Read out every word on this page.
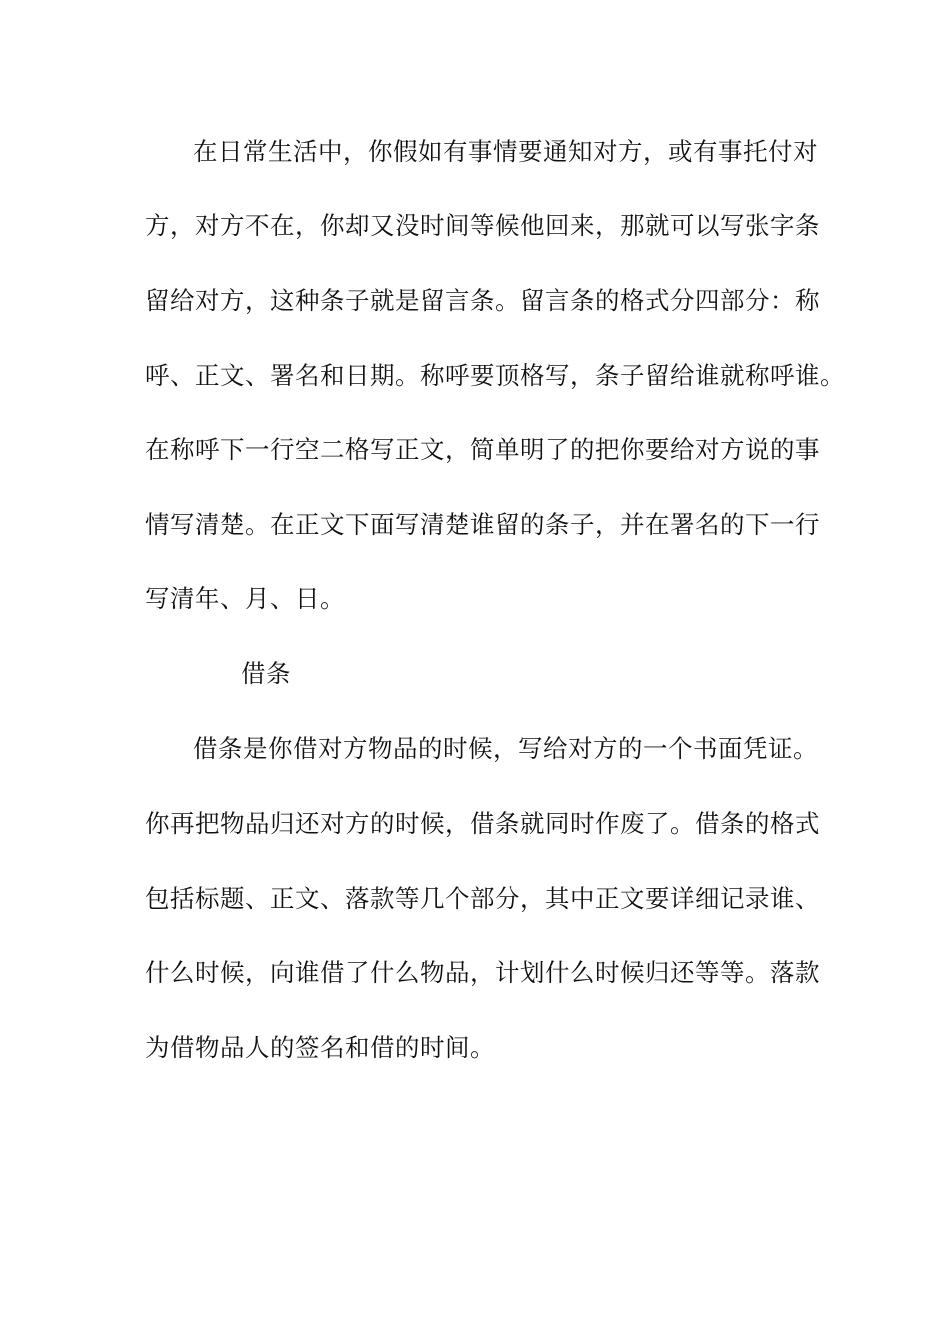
在日常生活中，你假如有事情要通知对方，或有事托付对
方，对方不在，你却又没时间等候他回来，那就可以写张字条
留给对方，这种条子就是留言条。留言条的格式分四部分：称
呼、正文、署名和日期。称呼要顶格写，条子留给谁就称呼谁。
在称呼下一行空二格写正文，简单明了的把你要给对方说的事
情写清楚。在正文下面写清楚谁留的条子，并在署名的下一行
写清年、月、日。
借条
借条是你借对方物品的时候，写给对方的一个书面凭证。
你再把物品归还对方的时候，借条就同时作废了。借条的格式
包括标题、正文、落款等几个部分，其中正文要详细记录谁、
什么时候，向谁借了什么物品，计划什么时候归还等等。落款
为借物品人的签名和借的时间。
